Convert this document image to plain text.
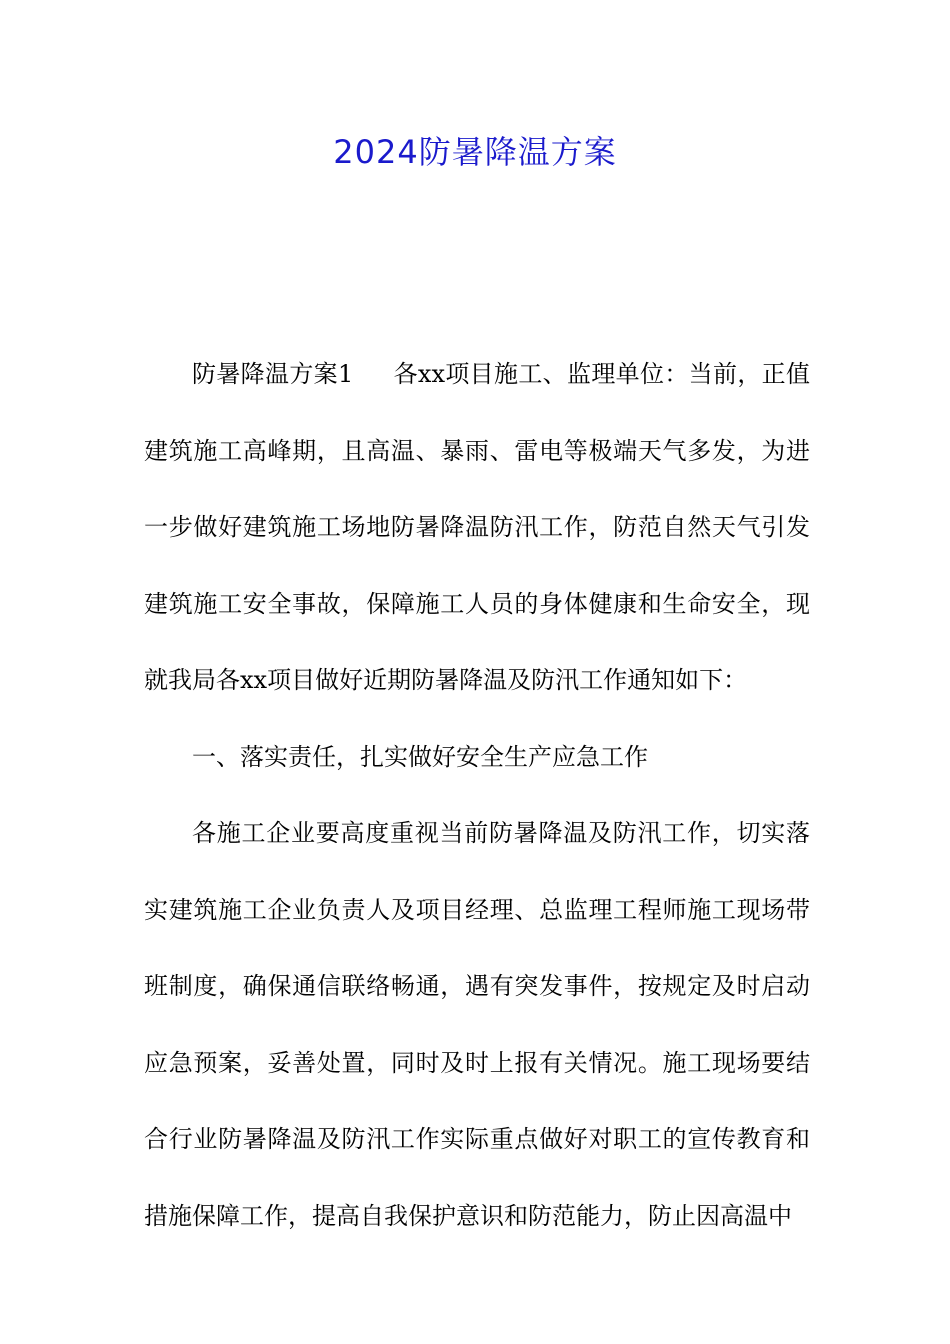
2024防暑降温方案

防暑降温方案1 各xx项目施工、监理单位：当前，正值建筑施工高峰期，且高温、暴雨、雷电等极端天气多发，为进一步做好建筑施工场地防暑降温防汛工作，防范自然天气引发建筑施工安全事故，保障施工人员的身体健康和生命安全，现就我局各xx项目做好近期防暑降温及防汛工作通知如下：

一、落实责任，扎实做好安全生产应急工作

各施工企业要高度重视当前防暑降温及防汛工作，切实落实建筑施工企业负责人及项目经理、总监理工程师施工现场带班制度，确保通信联络畅通，遇有突发事件，按规定及时启动应急预案，妥善处置，同时及时上报有关情况。施工现场要结合行业防暑降温及防汛工作实际重点做好对职工的宣传教育和措施保障工作，提高自我保护意识和防范能力，防止因高温中
